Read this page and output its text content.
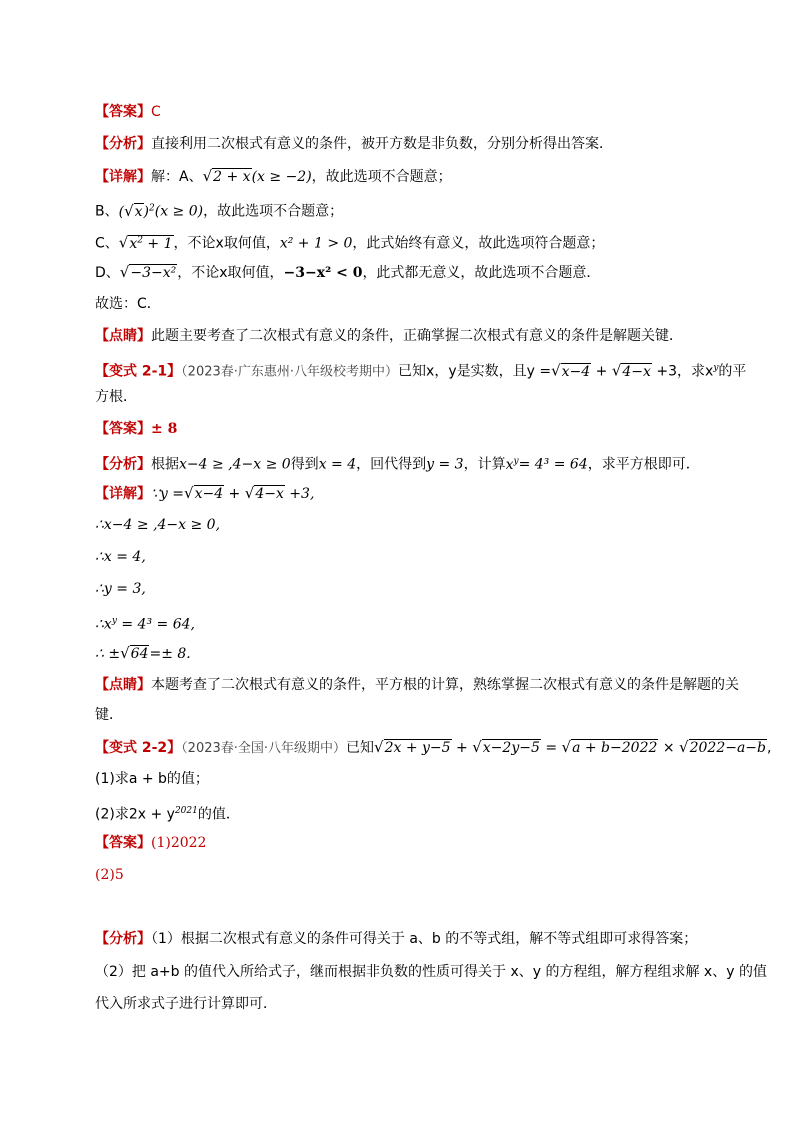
【答案】C
【分析】直接利用二次根式有意义的条件，被开方数是非负数，分别分析得出答案．
【详解】解：A、√2 + x(x ≥ −2)，故此选项不合题意；
B、$(√x)^2(x \ge 0)$，故此选项不合题意；
C、$√x^2 + 1$，不论x取何值，x² + 1 > 0，此式始终有意义，故此选项符合题意；
D、√−3−x²，不论x取何值，−3−x² < 0，此式都无意义，故此选项不合题意．
故选：C．
【点睛】此题主要考查了二次根式有意义的条件，正确掌握二次根式有意义的条件是解题关键．
【变式 2-1】（2023春·广东惠州·八年级校考期中）已知x，y是实数，且y =√x−4 + √4−x +3，求$x^y$的平
方根．
【答案】± 8
【分析】根据x−4 ≥ ,4−x ≥ 0得到x = 4，回代得到y = 3，计算$x^y= 4^3 = 64$，求平方根即可．
【详解】∵y =√x−4 + √4−x +3,
∴x−4 ≥ ,4−x ≥ 0,
∴x = 4,
∴y = 3,
$\therefore x^y = 4^3 = 64$,
∴ ±√64=± 8.
【点睛】本题考查了二次根式有意义的条件，平方根的计算，熟练掌握二次根式有意义的条件是解题的关
键．
【变式 2-2】（2023春·全国·八年级期中）已知√2x + y−5 + √x−2y−5 = √a + b−2022 × √2022−a−b,
(1)求a + b的值；
(2)求$2x + y^{2021}$的值．
【答案】(1)2022
(2)5
【分析】（1）根据二次根式有意义的条件可得关于 a、b 的不等式组，解不等式组即可求得答案；
（2）把 a+b 的值代入所给式子，继而根据非负数的性质可得关于 x、y 的方程组，解方程组求解 x、y 的值
代入所求式子进行计算即可．
